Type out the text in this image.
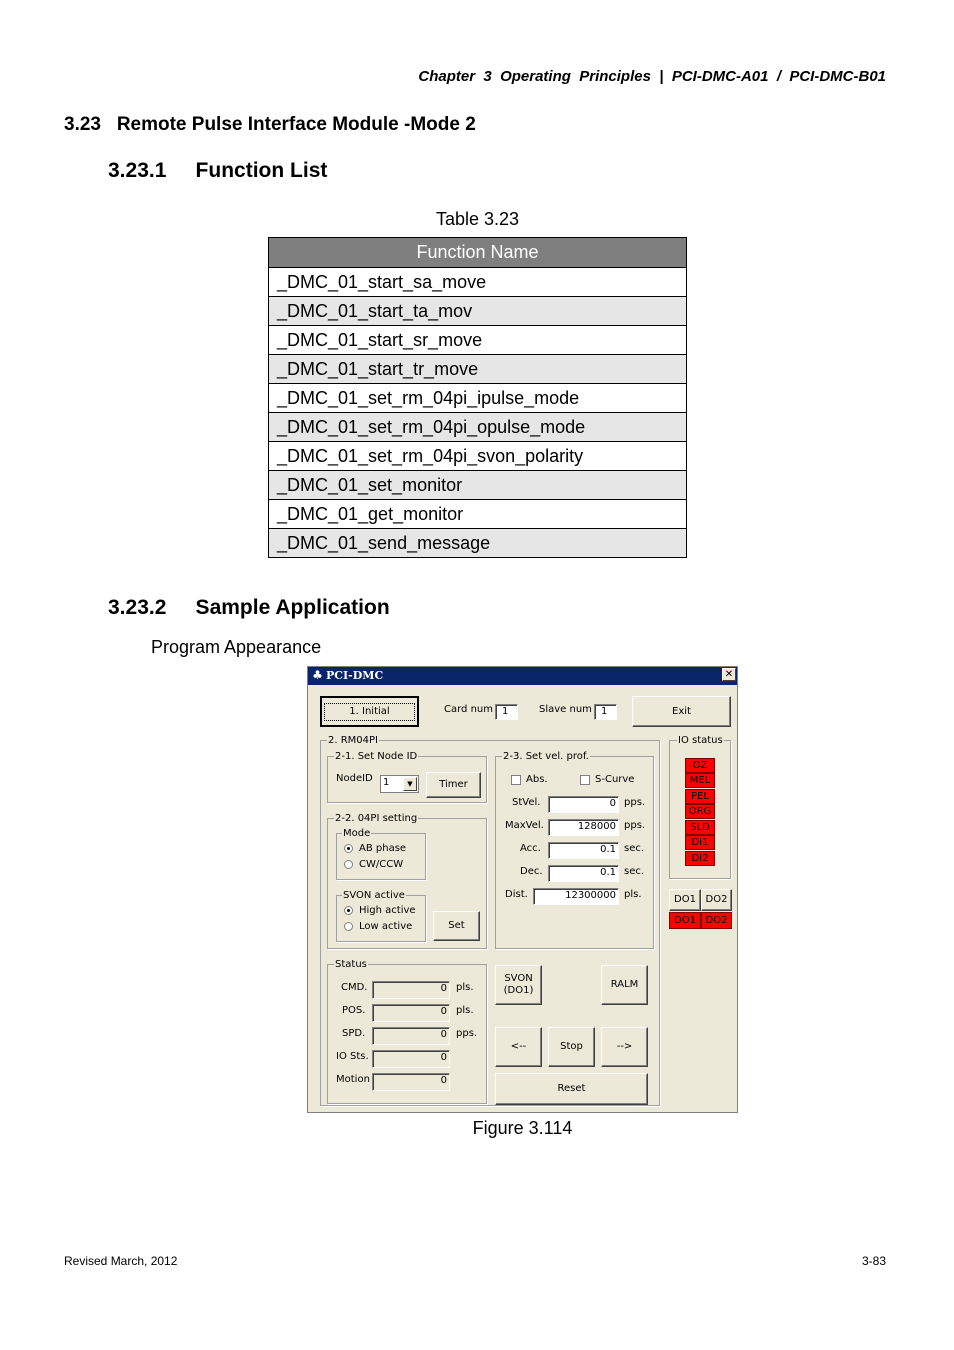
Chapter  3  Operating  Principles  |  PCI-DMC-A01  /  PCI-DMC-B01
3.23   Remote Pulse Interface Module -Mode 2
3.23.1     Function List
Table 3.23
Function Name
_DMC_01_start_sa_move
_DMC_01_start_ta_mov
_DMC_01_start_sr_move
_DMC_01_start_tr_move
_DMC_01_set_rm_04pi_ipulse_mode
_DMC_01_set_rm_04pi_opulse_mode
_DMC_01_set_rm_04pi_svon_polarity
_DMC_01_set_monitor
_DMC_01_get_monitor
_DMC_01_send_message
3.23.2     Sample Application
Program Appearance
♣ PCI-DMC	✕
1. Initial	Card num 1	Slave num 1	Exit
2. RM04PI
2-1. Set Node ID
NodeID	1	▼	Timer
2-2. 04PI setting
Mode
AB phase
CW/CCW
SVON active
High active
Low active	Set
2-3. Set vel. prof.
Abs.	S-Curve
StVel.	0 pps.
MaxVel.	128000 pps.
Acc.	0.1 sec.
Dec.	0.1 sec.
Dist.	12300000 pls.
IO status
OZ
MEL
PEL
ORG
SLD
DI1
DI2
DO1 DO2
DO1 DO2
Status
CMD.	0 pls.
POS.	0 pls.
SPD.	0 pps.
IO Sts.	0
Motion	0
SVON
(DO1)
RALM
<--	Stop	-->
Reset
Figure 3.114
Revised March, 2012	3-83
